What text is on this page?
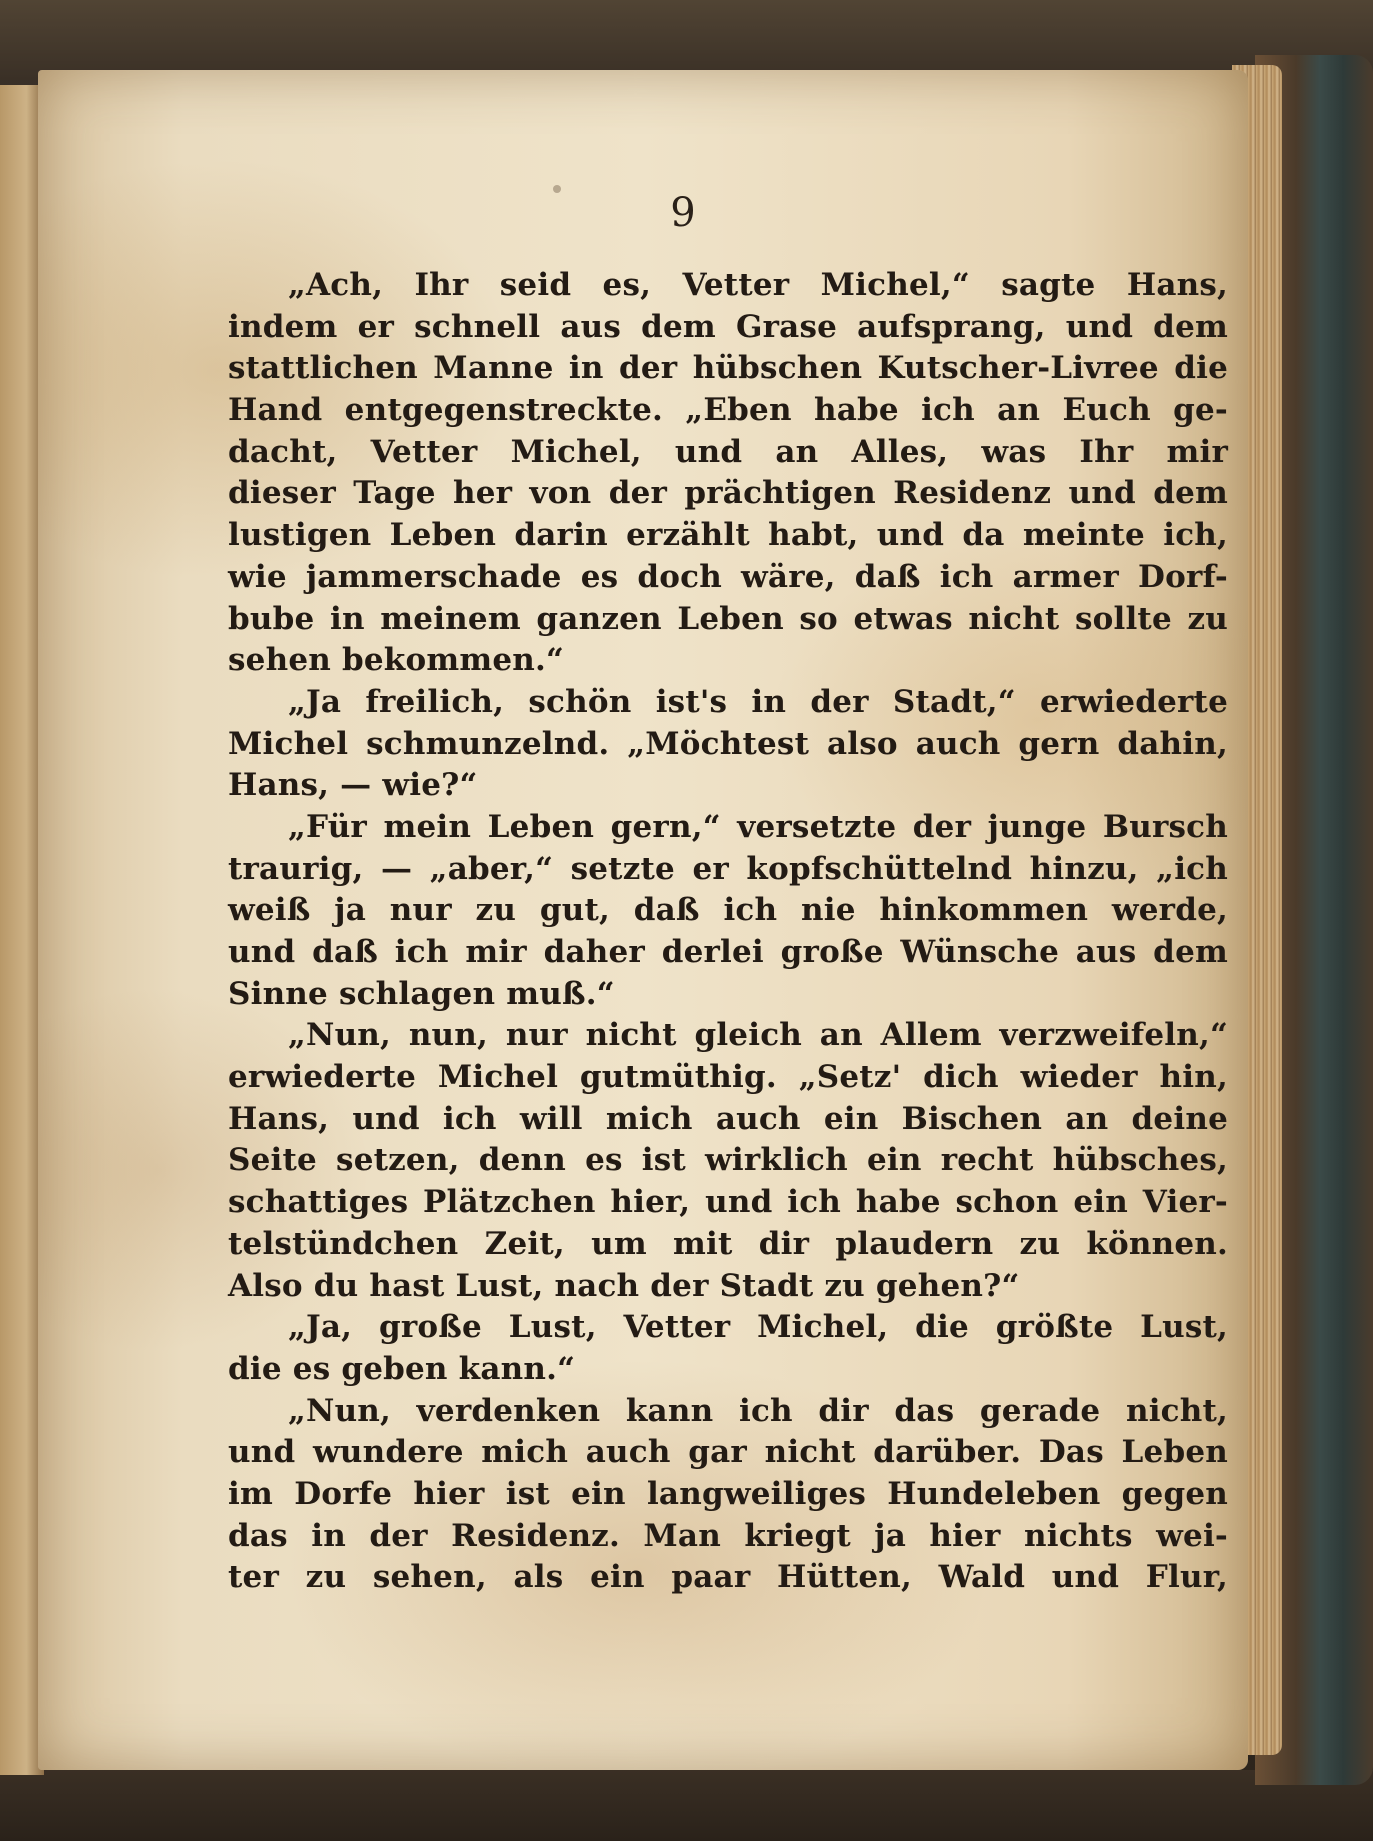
9

„Ach, Ihr seid es, Vetter Michel,“ sagte Hans,
indem er schnell aus dem Grase aufsprang, und dem
stattlichen Manne in der hübschen Kutscher-Livree die
Hand entgegenstreckte. „Eben habe ich an Euch ge-
dacht, Vetter Michel, und an Alles, was Ihr mir
dieser Tage her von der prächtigen Residenz und dem
lustigen Leben darin erzählt habt, und da meinte ich,
wie jammerschade es doch wäre, daß ich armer Dorf-
bube in meinem ganzen Leben so etwas nicht sollte zu
sehen bekommen.“
„Ja freilich, schön ist's in der Stadt,“ erwiederte
Michel schmunzelnd. „Möchtest also auch gern dahin,
Hans, — wie?“
„Für mein Leben gern,“ versetzte der junge Bursch
traurig, — „aber,“ setzte er kopfschüttelnd hinzu, „ich
weiß ja nur zu gut, daß ich nie hinkommen werde,
und daß ich mir daher derlei große Wünsche aus dem
Sinne schlagen muß.“
„Nun, nun, nur nicht gleich an Allem verzweifeln,“
erwiederte Michel gutmüthig. „Setz' dich wieder hin,
Hans, und ich will mich auch ein Bischen an deine
Seite setzen, denn es ist wirklich ein recht hübsches,
schattiges Plätzchen hier, und ich habe schon ein Vier-
telstündchen Zeit, um mit dir plaudern zu können.
Also du hast Lust, nach der Stadt zu gehen?“
„Ja, große Lust, Vetter Michel, die größte Lust,
die es geben kann.“
„Nun, verdenken kann ich dir das gerade nicht,
und wundere mich auch gar nicht darüber. Das Leben
im Dorfe hier ist ein langweiliges Hundeleben gegen
das in der Residenz. Man kriegt ja hier nichts wei-
ter zu sehen, als ein paar Hütten, Wald und Flur,
